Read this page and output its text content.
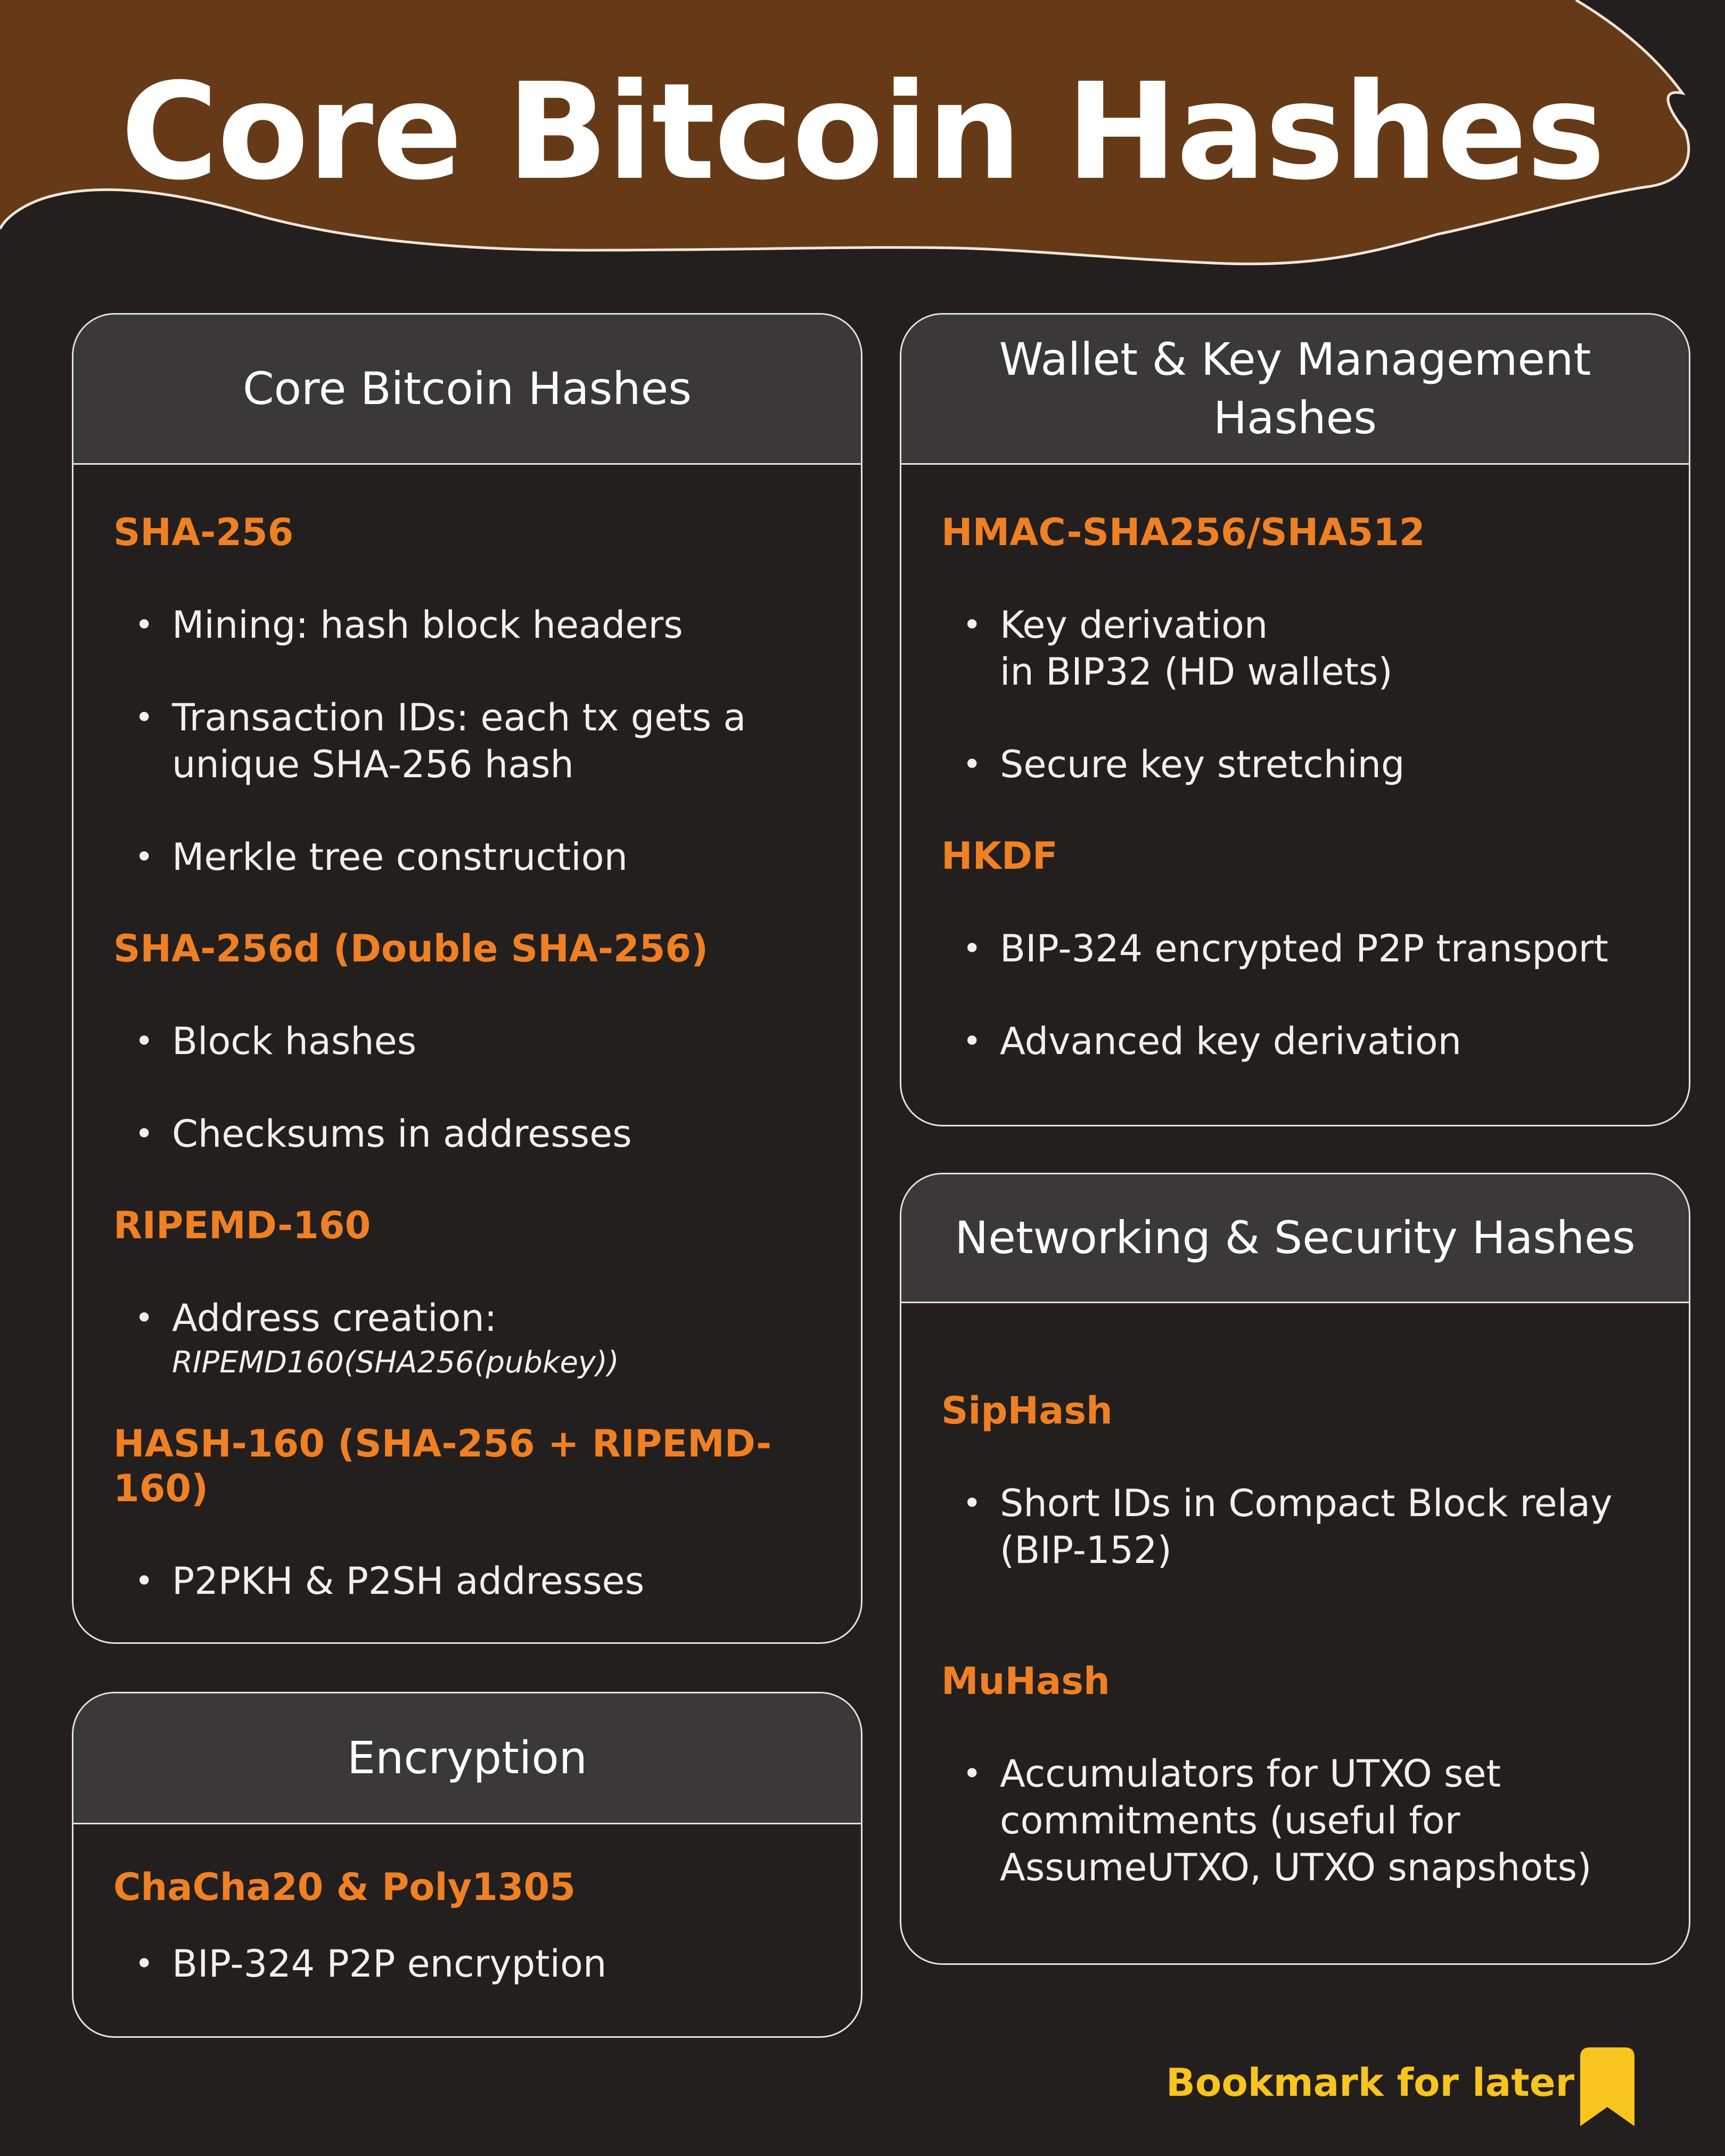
Core Bitcoin Hashes
Core Bitcoin Hashes
SHA-256
• Mining: hash block headers
• Transaction IDs: each tx gets a unique SHA-256 hash
• Merkle tree construction
SHA-256d (Double SHA-256)
• Block hashes
• Checksums in addresses
RIPEMD-160
• Address creation:
RIPEMD160(SHA256(pubkey))
HASH-160 (SHA-256 + RIPEMD-160)
• P2PKH & P2SH addresses
Wallet & Key Management
Hashes
HMAC-SHA256/SHA512
• Key derivation
in BIP32 (HD wallets)
• Secure key stretching
HKDF
• BIP-324 encrypted P2P transport
• Advanced key derivation
Encryption
ChaCha20 & Poly1305
• BIP-324 P2P encryption
Networking & Security Hashes
SipHash
• Short IDs in Compact Block relay (BIP-152)
MuHash
• Accumulators for UTXO set commitments (useful for AssumeUTXO, UTXO snapshots)
Bookmark for later
